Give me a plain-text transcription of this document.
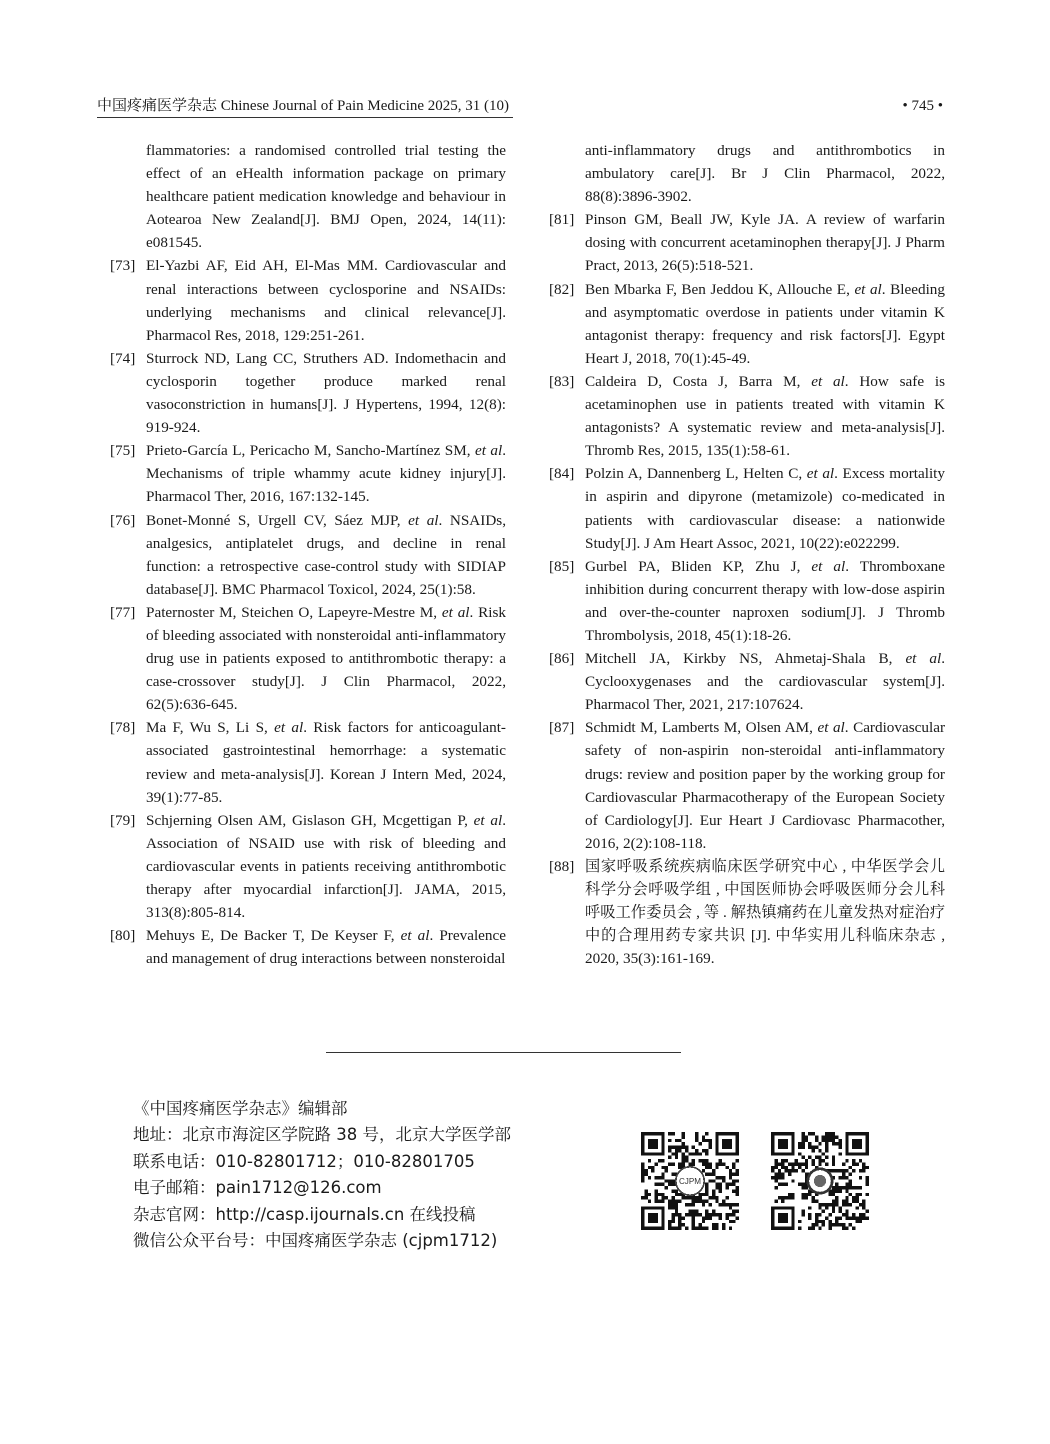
中国疼痛医学杂志 Chinese Journal of Pain Medicine 2025, 31 (10)	• 745 •
flammatories: a randomised controlled trial testing the effect of an eHealth information package on primary healthcare patient medication knowledge and behaviour in Aotearoa New Zealand[J]. BMJ Open, 2024, 14(11): e081545.
[73] El-Yazbi AF, Eid AH, El-Mas MM. Cardiovascular and renal interactions between cyclosporine and NSAIDs: underlying mechanisms and clinical relevance[J]. Pharmacol Res, 2018, 129:251-261.
[74] Sturrock ND, Lang CC, Struthers AD. Indomethacin and cyclosporin together produce marked renal vasoconstriction in humans[J]. J Hypertens, 1994, 12(8): 919-924.
[75] Prieto-García L, Pericacho M, Sancho-Martínez SM, et al. Mechanisms of triple whammy acute kidney injury[J]. Pharmacol Ther, 2016, 167:132-145.
[76] Bonet-Monné S, Urgell CV, Sáez MJP, et al. NSAIDs, analgesics, antiplatelet drugs, and decline in renal function: a retrospective case-control study with SIDIAP database[J]. BMC Pharmacol Toxicol, 2024, 25(1):58.
[77] Paternoster M, Steichen O, Lapeyre-Mestre M, et al. Risk of bleeding associated with nonsteroidal anti-inflammatory drug use in patients exposed to antithrombotic therapy: a case-crossover study[J]. J Clin Pharmacol, 2022, 62(5):636-645.
[78] Ma F, Wu S, Li S, et al. Risk factors for anticoagulant-associated gastrointestinal hemorrhage: a systematic review and meta-analysis[J]. Korean J Intern Med, 2024, 39(1):77-85.
[79] Schjerning Olsen AM, Gislason GH, Mcgettigan P, et al. Association of NSAID use with risk of bleeding and cardiovascular events in patients receiving antithrombotic therapy after myocardial infarction[J]. JAMA, 2015, 313(8):805-814.
[80] Mehuys E, De Backer T, De Keyser F, et al. Prevalence and management of drug interactions between nonsteroidal
anti-inflammatory drugs and antithrombotics in ambulatory care[J]. Br J Clin Pharmacol, 2022, 88(8):3896-3902.
[81] Pinson GM, Beall JW, Kyle JA. A review of warfarin dosing with concurrent acetaminophen therapy[J]. J Pharm Pract, 2013, 26(5):518-521.
[82] Ben Mbarka F, Ben Jeddou K, Allouche E, et al. Bleeding and asymptomatic overdose in patients under vitamin K antagonist therapy: frequency and risk factors[J]. Egypt Heart J, 2018, 70(1):45-49.
[83] Caldeira D, Costa J, Barra M, et al. How safe is acetaminophen use in patients treated with vitamin K antagonists? A systematic review and meta-analysis[J]. Thromb Res, 2015, 135(1):58-61.
[84] Polzin A, Dannenberg L, Helten C, et al. Excess mortality in aspirin and dipyrone (metamizole) co-medicated in patients with cardiovascular disease: a nationwide Study[J]. J Am Heart Assoc, 2021, 10(22):e022299.
[85] Gurbel PA, Bliden KP, Zhu J, et al. Thromboxane inhibition during concurrent therapy with low-dose aspirin and over-the-counter naproxen sodium[J]. J Thromb Thrombolysis, 2018, 45(1):18-26.
[86] Mitchell JA, Kirkby NS, Ahmetaj-Shala B, et al. Cyclooxygenases and the cardiovascular system[J]. Pharmacol Ther, 2021, 217:107624.
[87] Schmidt M, Lamberts M, Olsen AM, et al. Cardiovascular safety of non-aspirin non-steroidal anti-inflammatory drugs: review and position paper by the working group for Cardiovascular Pharmacotherapy of the European Society of Cardiology[J]. Eur Heart J Cardiovasc Pharmacother, 2016, 2(2):108-118.
[88] 国家呼吸系统疾病临床医学研究中心 , 中华医学会儿科学分会呼吸学组 , 中国医师协会呼吸医师分会儿科呼吸工作委员会 , 等 . 解热镇痛药在儿童发热对症治疗中的合理用药专家共识 [J]. 中华实用儿科临床杂志 , 2020, 35(3):161-169.
《中国疼痛医学杂志》编辑部
地址：北京市海淀区学院路 38 号，北京大学医学部
联系电话：010-82801712；010-82801705
电子邮箱：pain1712@126.com
杂志官网：http://casp.ijournals.cn 在线投稿
微信公众平台号：中国疼痛医学杂志 (cjpm1712)
CJPM
